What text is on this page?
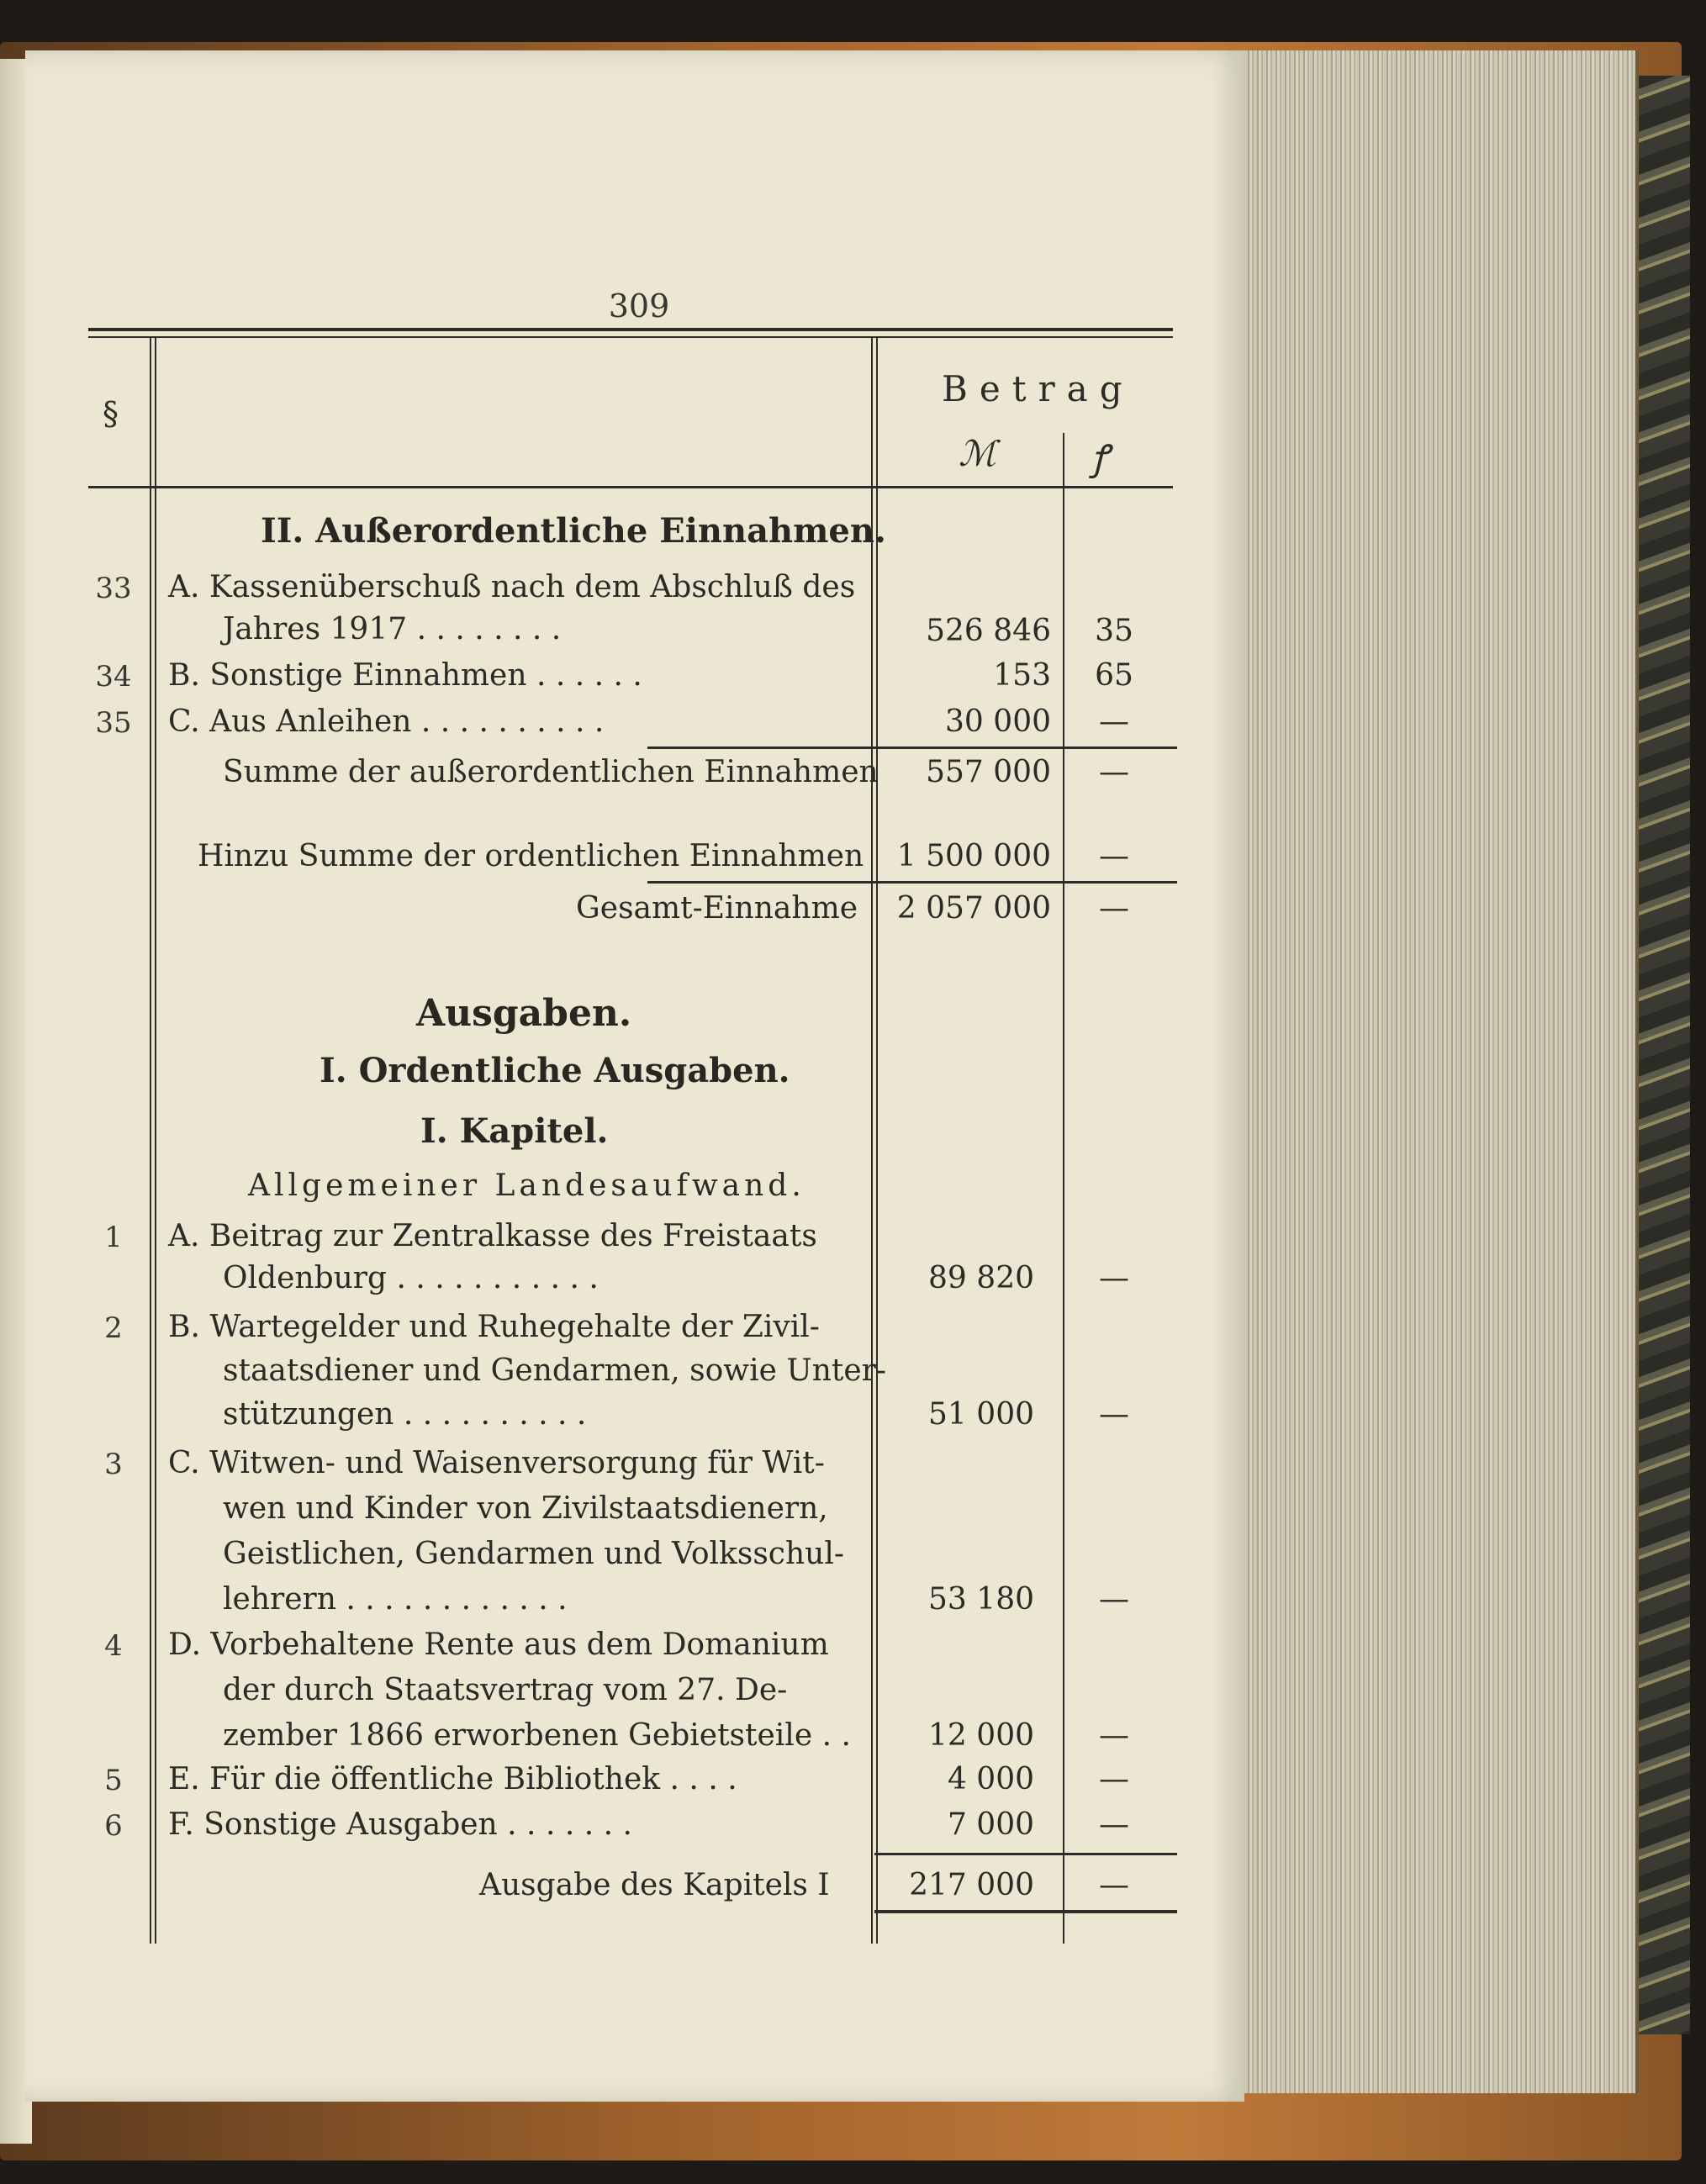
309
§
Betrag
ℳ	ꝭ
II. Außerordentliche Einnahmen.
33	A. Kassenüberschuß nach dem Abschluß des
Jahres 1917 . . . . . . . .	526 846	35
34	B. Sonstige Einnahmen . . . . . .	153	65
35	C. Aus Anleihen . . . . . . . . . .	30 000	—
Summe der außerordentlichen Einnahmen	557 000	—
Hinzu Summe der ordentlichen Einnahmen	1 500 000	—
Gesamt-Einnahme	2 057 000	—
Ausgaben.
I. Ordentliche Ausgaben.
I. Kapitel.
Allgemeiner Landesaufwand.
1	A. Beitrag zur Zentralkasse des Freistaats
Oldenburg . . . . . . . . . . .	89 820	—
2	B. Wartegelder und Ruhegehalte der Zivil-
staatsdiener und Gendarmen, sowie Unter-
stützungen . . . . . . . . . .	51 000	—
3	C. Witwen- und Waisenversorgung für Wit-
wen und Kinder von Zivilstaatsdienern,
Geistlichen, Gendarmen und Volksschul-
lehrern . . . . . . . . . . . .	53 180	—
4	D. Vorbehaltene Rente aus dem Domanium
der durch Staatsvertrag vom 27. De-
zember 1866 erworbenen Gebietsteile . .	12 000	—
5	E. Für die öffentliche Bibliothek . . . .	4 000	—
6	F. Sonstige Ausgaben . . . . . . .	7 000	—
Ausgabe des Kapitels I	217 000	—
